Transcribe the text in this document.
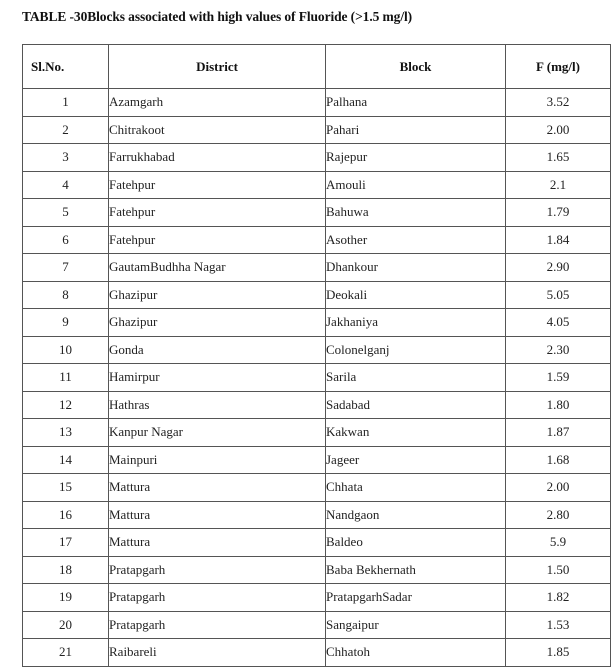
TABLE -30Blocks associated with high values of Fluoride (>1.5 mg/l)
Sl.No.	District	Block	F (mg/l)
1	Azamgarh	Palhana	3.52
2	Chitrakoot	Pahari	2.00
3	Farrukhabad	Rajepur	1.65
4	Fatehpur	Amouli	2.1
5	Fatehpur	Bahuwa	1.79
6	Fatehpur	Asother	1.84
7	GautamBudhha Nagar	Dhankour	2.90
8	Ghazipur	Deokali	5.05
9	Ghazipur	Jakhaniya	4.05
10	Gonda	Colonelganj	2.30
11	Hamirpur	Sarila	1.59
12	Hathras	Sadabad	1.80
13	Kanpur Nagar	Kakwan	1.87
14	Mainpuri	Jageer	1.68
15	Mattura	Chhata	2.00
16	Mattura	Nandgaon	2.80
17	Mattura	Baldeo	5.9
18	Pratapgarh	Baba Bekhernath	1.50
19	Pratapgarh	PratapgarhSadar	1.82
20	Pratapgarh	Sangaipur	1.53
21	Raibareli	Chhatoh	1.85
